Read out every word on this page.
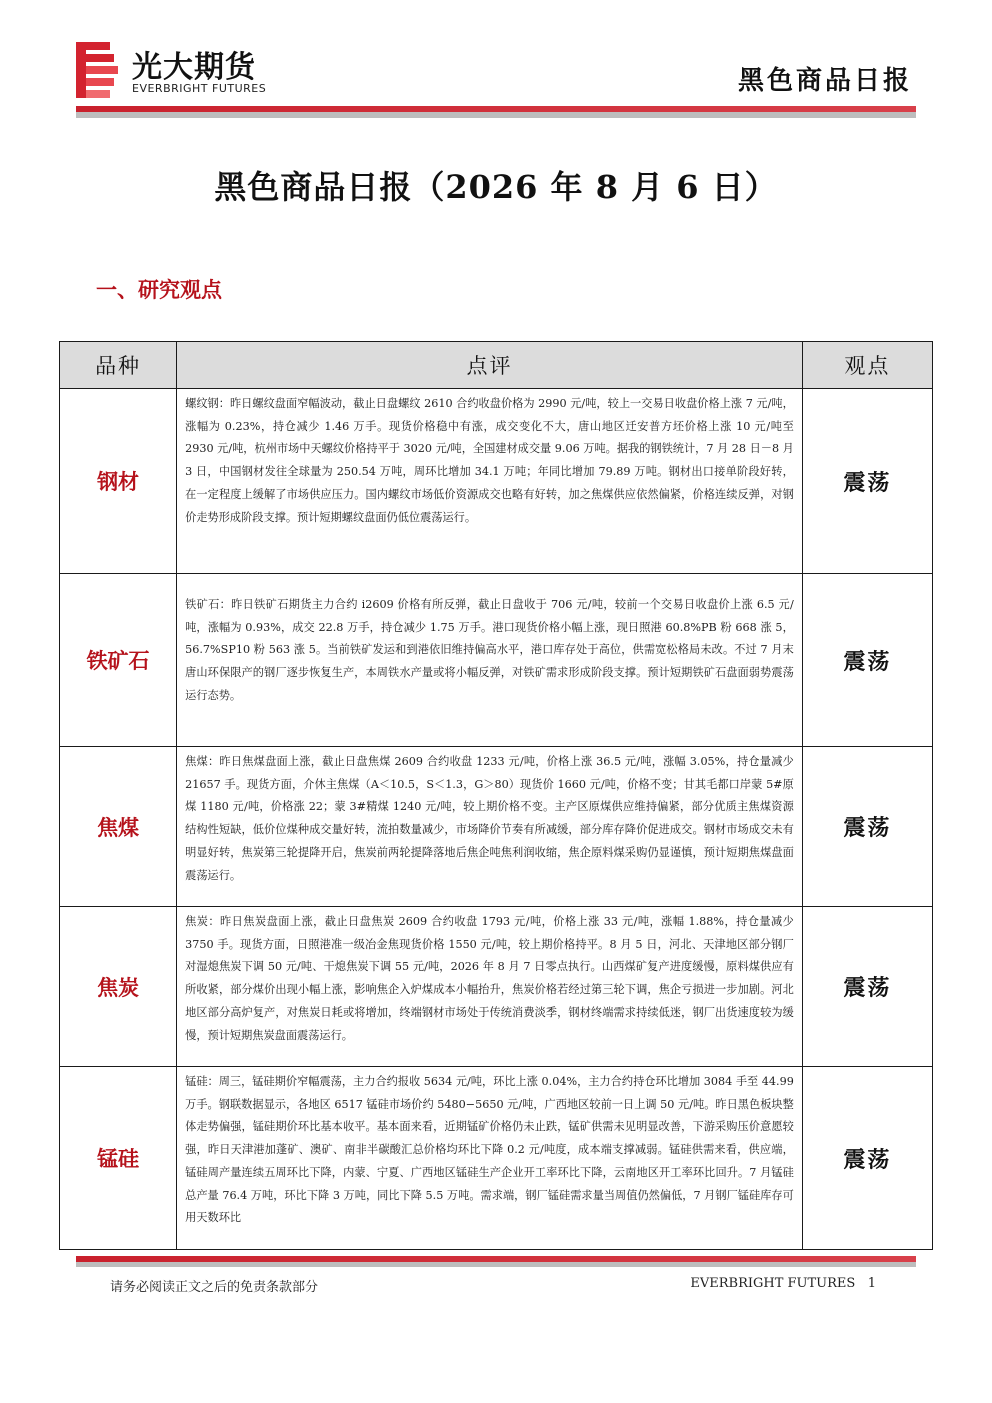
光大期货
EVERBRIGHT FUTURES	黑色商品日报
黑色商品日报（2026 年 8 月 6 日）
一、研究观点
品种	点评	观点
钢材	螺纹钢：昨日螺纹盘面窄幅波动，截止日盘螺纹 2610 合约收盘价格为 2990 元/吨，较上一交易日收盘价格上涨 7 元/吨，涨幅为 0.23%，持仓减少 1.46 万手。现货价格稳中有涨，成交变化不大，唐山地区迁安普方坯价格上涨 10 元/吨至 2930 元/吨，杭州市场中天螺纹价格持平于 3020 元/吨，全国建材成交量 9.06 万吨。据我的钢铁统计，7 月 28 日－8 月 3 日，中国钢材发往全球量为 250.54 万吨，周环比增加 34.1 万吨；年同比增加 79.89 万吨。钢材出口接单阶段好转，在一定程度上缓解了市场供应压力。国内螺纹市场低价资源成交也略有好转，加之焦煤供应依然偏紧，价格连续反弹，对钢价走势形成阶段支撑。预计短期螺纹盘面仍低位震荡运行。	震荡
铁矿石	铁矿石：昨日铁矿石期货主力合约 i2609 价格有所反弹，截止日盘收于 706 元/吨，较前一个交易日收盘价上涨 6.5 元/吨，涨幅为 0.93%，成交 22.8 万手，持仓减少 1.75 万手。港口现货价格小幅上涨，现日照港 60.8%PB 粉 668 涨 5，56.7%SP10 粉 563 涨 5。当前铁矿发运和到港依旧维持偏高水平，港口库存处于高位，供需宽松格局未改。不过 7 月末唐山环保限产的钢厂逐步恢复生产，本周铁水产量或将小幅反弹，对铁矿需求形成阶段支撑。预计短期铁矿石盘面弱势震荡运行态势。	震荡
焦煤	焦煤：昨日焦煤盘面上涨，截止日盘焦煤 2609 合约收盘 1233 元/吨，价格上涨 36.5 元/吨，涨幅 3.05%，持仓量减少 21657 手。现货方面，介休主焦煤（A＜10.5，S＜1.3，G＞80）现货价 1660 元/吨，价格不变；甘其毛都口岸蒙 5#原煤 1180 元/吨，价格涨 22；蒙 3#精煤 1240 元/吨，较上期价格不变。主产区原煤供应维持偏紧，部分优质主焦煤资源结构性短缺，低价位煤种成交量好转，流拍数量减少，市场降价节奏有所减缓，部分库存降价促进成交。钢材市场成交未有明显好转，焦炭第三轮提降开启，焦炭前两轮提降落地后焦企吨焦利润收缩，焦企原料煤采购仍显谨慎，预计短期焦煤盘面震荡运行。	震荡
焦炭	焦炭：昨日焦炭盘面上涨，截止日盘焦炭 2609 合约收盘 1793 元/吨，价格上涨 33 元/吨，涨幅 1.88%，持仓量减少 3750 手。现货方面，日照港准一级冶金焦现货价格 1550 元/吨，较上期价格持平。8 月 5 日，河北、天津地区部分钢厂对湿熄焦炭下调 50 元/吨、干熄焦炭下调 55 元/吨，2026 年 8 月 7 日零点执行。山西煤矿复产进度缓慢，原料煤供应有所收紧，部分煤价出现小幅上涨，影响焦企入炉煤成本小幅抬升，焦炭价格若经过第三轮下调，焦企亏损进一步加剧。河北地区部分高炉复产，对焦炭日耗或将增加，终端钢材市场处于传统消费淡季，钢材终端需求持续低迷，钢厂出货速度较为缓慢，预计短期焦炭盘面震荡运行。	震荡
锰硅	锰硅：周三，锰硅期价窄幅震荡，主力合约报收 5634 元/吨，环比上涨 0.04%，主力合约持仓环比增加 3084 手至 44.99 万手。钢联数据显示，各地区 6517 锰硅市场价约 5480−5650 元/吨，广西地区较前一日上调 50 元/吨。昨日黑色板块整体走势偏强，锰硅期价环比基本收平。基本面来看，近期锰矿价格仍未止跌，锰矿供需未见明显改善，下游采购压价意愿较强，昨日天津港加蓬矿、澳矿、南非半碳酸汇总价格均环比下降 0.2 元/吨度，成本端支撑减弱。锰硅供需来看，供应端，锰硅周产量连续五周环比下降，内蒙、宁夏、广西地区锰硅生产企业开工率环比下降，云南地区开工率环比回升。7 月锰硅总产量 76.4 万吨，环比下降 3 万吨，同比下降 5.5 万吨。需求端，钢厂锰硅需求量当周值仍然偏低，7 月钢厂锰硅库存可用天数环比	震荡
请务必阅读正文之后的免责条款部分	EVERBRIGHT FUTURES 1
